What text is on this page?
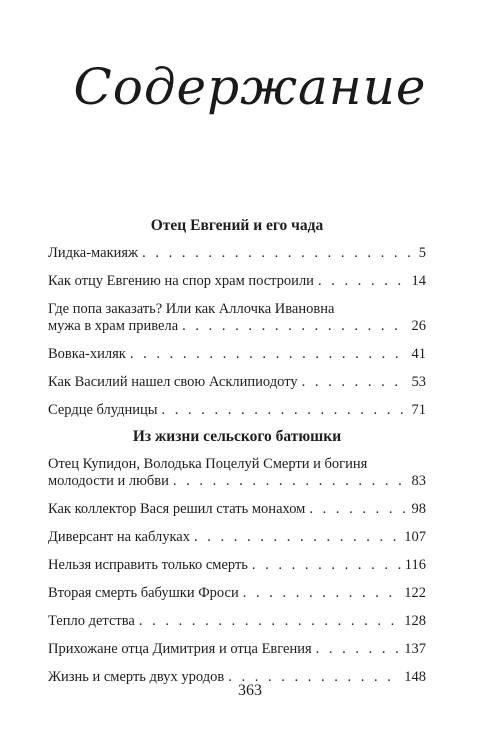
Содержание
Отец Евгений и его чада
Лидка-макияж . . .	5
Как отцу Евгению на спор храм построили . . .	14
Где попа заказать? Или как Аллочка Ивановна
мужа в храм привела . . .	26
Вовка-хиляк . . .	41
Как Василий нашел свою Асклипиодоту . . .	53
Сердце блудницы . . .	71
Из жизни сельского батюшки
Отец Купидон, Володька Поцелуй Смерти и богиня
молодости и любви . . .	83
Как коллектор Вася решил стать монахом . . .	98
Диверсант на каблуках . . .	107
Нельзя исправить только смерть . . .	116
Вторая смерть бабушки Фроси . . .	122
Тепло детства . . .	128
Прихожане отца Димитрия и отца Евгения . . .	137
Жизнь и смерть двух уродов . . .	148
363
